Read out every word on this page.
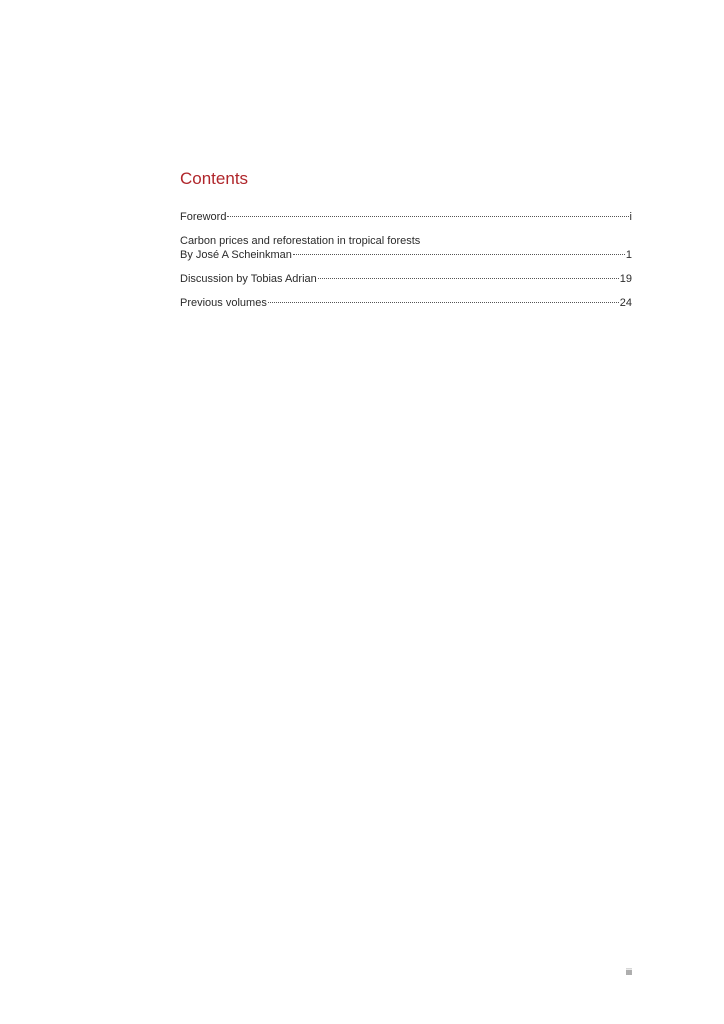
Contents
Foreword	i
Carbon prices and reforestation in tropical forests
By José A Scheinkman	1
Discussion by Tobias Adrian	19
Previous volumes	24
iii
